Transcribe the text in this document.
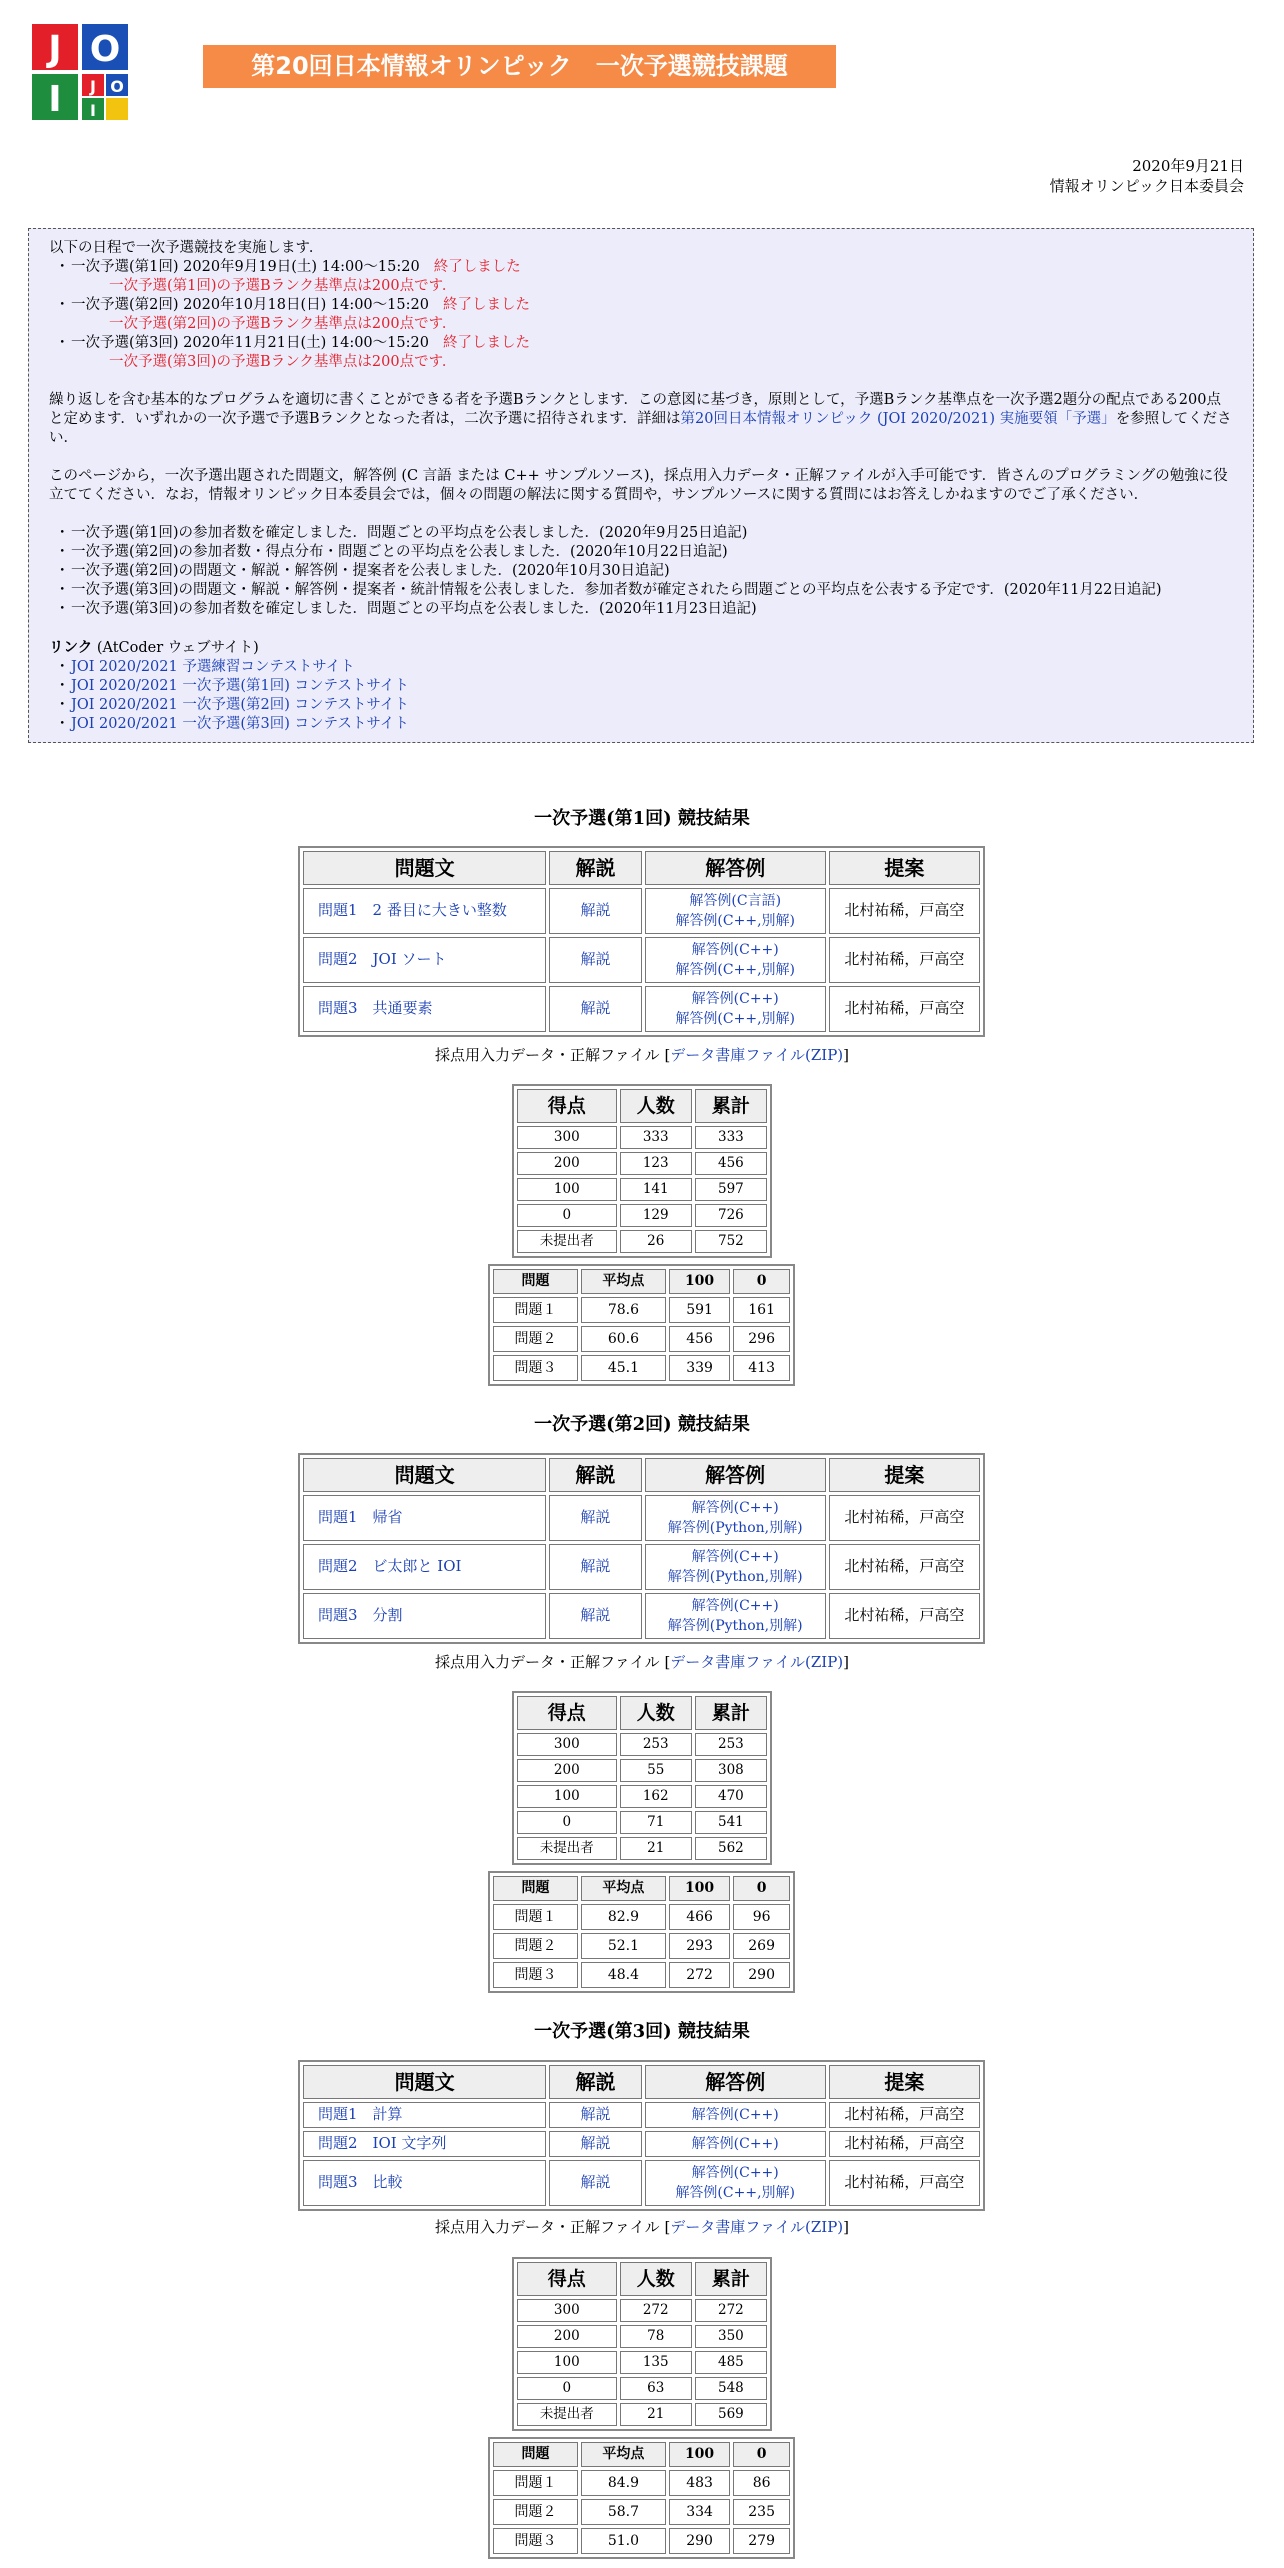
J O
I J O
I
第20回日本情報オリンピック　一次予選競技課題
2020年9月21日
情報オリンピック日本委員会
以下の日程で一次予選競技を実施します．
・ 一次予選(第1回) 2020年9月19日(土) 14:00〜15:20 終了しました
一次予選(第1回)の予選Bランク基準点は200点です．
・ 一次予選(第2回) 2020年10月18日(日) 14:00〜15:20 終了しました
一次予選(第2回)の予選Bランク基準点は200点です．
・ 一次予選(第3回) 2020年11月21日(土) 14:00〜15:20 終了しました
一次予選(第3回)の予選Bランク基準点は200点です．
繰り返しを含む基本的なプログラムを適切に書くことができる者を予選Bランクとします．この意図に基づき，原則として，予選Bランク基準点を一次予選2題分の配点である200点と定めます．いずれかの一次予選で予選Bランクとなった者は，二次予選に招待されます．詳細は第20回日本情報オリンピック (JOI 2020/2021) 実施要領「予選」を参照してください．
このページから，一次予選出題された問題文，解答例 (C 言語 または C++ サンプルソース)，採点用入力データ・正解ファイルが入手可能です．皆さんのプログラミングの勉強に役立ててください．なお，情報オリンピック日本委員会では，個々の問題の解法に関する質問や，サンプルソースに関する質問にはお答えしかねますのでご了承ください．
・ 一次予選(第1回)の参加者数を確定しました．問題ごとの平均点を公表しました．(2020年9月25日追記)
・ 一次予選(第2回)の参加者数・得点分布・問題ごとの平均点を公表しました．(2020年10月22日追記)
・ 一次予選(第2回)の問題文・解説・解答例・提案者を公表しました．(2020年10月30日追記)
・ 一次予選(第3回)の問題文・解説・解答例・提案者・統計情報を公表しました．参加者数が確定されたら問題ごとの平均点を公表する予定です．(2020年11月22日追記)
・ 一次予選(第3回)の参加者数を確定しました．問題ごとの平均点を公表しました．(2020年11月23日追記)
リンク (AtCoder ウェブサイト)
・ JOI 2020/2021 予選練習コンテストサイト
・ JOI 2020/2021 一次予選(第1回) コンテストサイト
・ JOI 2020/2021 一次予選(第2回) コンテストサイト
・ JOI 2020/2021 一次予選(第3回) コンテストサイト
一次予選(第1回) 競技結果
問題文	解説	解答例	提案
問題1　2 番目に大きい整数	解説	解答例(C言語)
解答例(C++,別解)	北村祐稀，戸高空
問題2　JOI ソート	解説	解答例(C++)
解答例(C++,別解)	北村祐稀，戸高空
問題3　共通要素	解説	解答例(C++)
解答例(C++,別解)	北村祐稀，戸高空
採点用入力データ・正解ファイル [データ書庫ファイル(ZIP)]
得点	人数	累計
300	333	333
200	123	456
100	141	597
0	129	726
未提出者	26	752
問題	平均点	100	0
問題１	78.6	591	161
問題２	60.6	456	296
問題３	45.1	339	413
一次予選(第2回) 競技結果
問題文	解説	解答例	提案
問題1　帰省	解説	解答例(C++)
解答例(Python,別解)	北村祐稀，戸高空
問題2　ビ太郎と IOI	解説	解答例(C++)
解答例(Python,別解)	北村祐稀，戸高空
問題3　分割	解説	解答例(C++)
解答例(Python,別解)	北村祐稀，戸高空
採点用入力データ・正解ファイル [データ書庫ファイル(ZIP)]
得点	人数	累計
300	253	253
200	55	308
100	162	470
0	71	541
未提出者	21	562
問題	平均点	100	0
問題１	82.9	466	96
問題２	52.1	293	269
問題３	48.4	272	290
一次予選(第3回) 競技結果
問題文	解説	解答例	提案
問題1　計算	解説	解答例(C++)	北村祐稀，戸高空
問題2　IOI 文字列	解説	解答例(C++)	北村祐稀，戸高空
問題3　比較	解説	解答例(C++)
解答例(C++,別解)	北村祐稀，戸高空
採点用入力データ・正解ファイル [データ書庫ファイル(ZIP)]
得点	人数	累計
300	272	272
200	78	350
100	135	485
0	63	548
未提出者	21	569
問題	平均点	100	0
問題１	84.9	483	86
問題２	58.7	334	235
問題３	51.0	290	279
